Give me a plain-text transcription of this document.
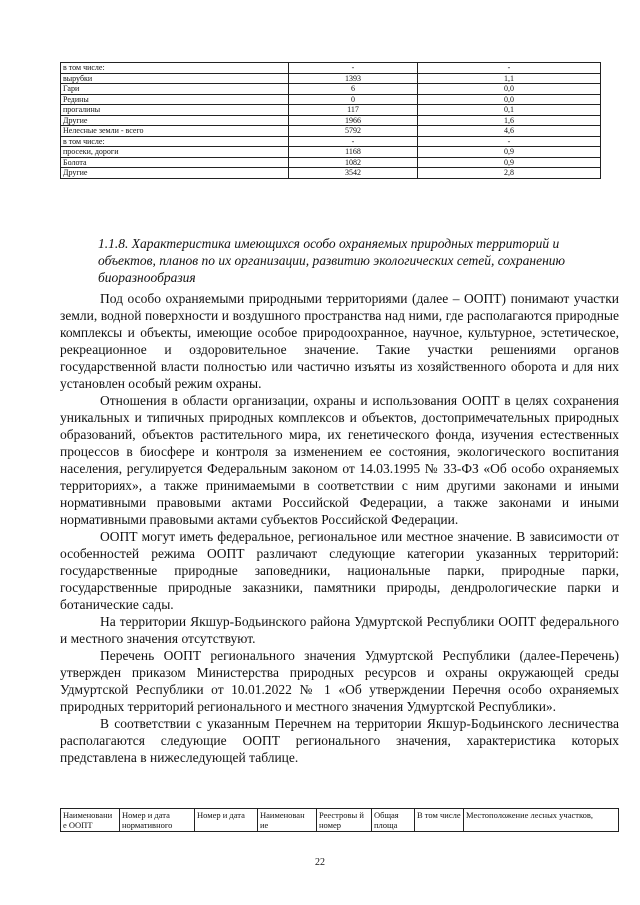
в том числе:	-	-
вырубки	1393	1,1
Гари	6	0,0
Редины	0	0,0
прогалины	117	0,1
Другие	1966	1,6
Нелесные земли - всего	5792	4,6
в том числе:	-	-
просеки, дороги	1168	0,9
Болота	1082	0,9
Другие	3542	2,8
1.1.8. Характеристика имеющихся особо охраняемых природных территорий и объектов, планов по их организации, развитию экологических сетей, сохранению биоразнообразия

Под особо охраняемыми природными территориями (далее – ООПТ) понимают участки земли, водной поверхности и воздушного пространства над ними, где располагаются природные комплексы и объекты, имеющие особое природоохранное, научное, культурное, эстетическое, рекреационное и оздоровительное значение. Такие участки решениями органов государственной власти полностью или частично изъяты из хозяйственного оборота и для них установлен особый режим охраны.

Отношения в области организации, охраны и использования ООПТ в целях сохранения уникальных и типичных природных комплексов и объектов, достопримечательных природных образований, объектов растительного мира, их генетического фонда, изучения естественных процессов в биосфере и контроля за изменением ее состояния, экологического воспитания населения, регулируется Федеральным законом от 14.03.1995 № 33-ФЗ «Об особо охраняемых территориях», а также принимаемыми в соответствии с ним другими законами и иными нормативными правовыми актами Российской Федерации, а также законами и иными нормативными правовыми актами субъектов Российской Федерации.

ООПТ могут иметь федеральное, региональное или местное значение. В зависимости от особенностей режима ООПТ различают следующие категории указанных территорий: государственные природные заповедники, национальные парки, природные парки, государственные природные заказники, памятники природы, дендрологические парки и ботанические сады.

На территории Якшур-Бодьинского района Удмуртской Республики ООПТ федерального и местного значения отсутствуют.

Перечень ООПТ регионального значения Удмуртской Республики (далее-Перечень) утвержден приказом Министерства природных ресурсов и охраны окружающей среды Удмуртской Республики от 10.01.2022 № 1 «Об утверждении Перечня особо охраняемых природных территорий регионального и местного значения Удмуртской Республики».

В соответствии с указанным Перечнем на территории Якшур-Бодьинского лесничества располагаются следующие ООПТ регионального значения, характеристика которых представлена в нижеследующей таблице.

Наименовани е ООПТ	Номер и дата нормативного	Номер и дата	Наименован ие	Реестровы й номер	Общая площа	В том числе	Местоположение лесных участков,
22
